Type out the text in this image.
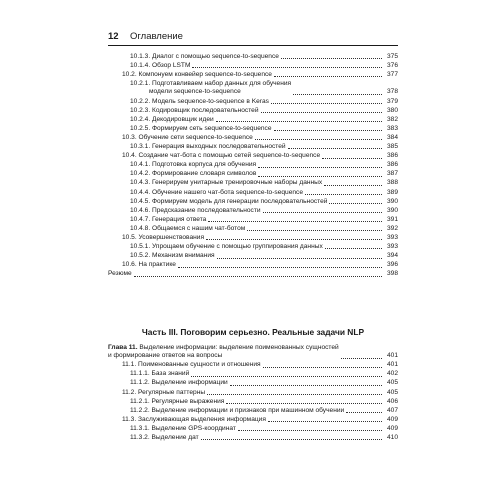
12 Оглавление
10.1.3. Диалог с помощью sequence-to-sequence	375
10.1.4. Обзор LSTM	376
10.2. Компонуем конвейер sequence-to-sequence	377
10.2.1. Подготавливаем набор данных для обучения
модели sequence-to-sequence	378
10.2.2. Модель sequence-to-sequence в Keras	379
10.2.3. Кодировщик последовательностей	380
10.2.4. Декодировщик идеи	382
10.2.5. Формируем сеть sequence-to-sequence	383
10.3. Обучение сети sequence-to-sequence	384
10.3.1. Генерация выходных последовательностей	385
10.4. Создание чат-бота с помощью сетей sequence-to-sequence	386
10.4.1. Подготовка корпуса для обучения	386
10.4.2. Формирование словаря символов	387
10.4.3. Генерируем унитарные тренировочные наборы данных	388
10.4.4. Обучение нашего чат-бота sequence-to-sequence	389
10.4.5. Формируем модель для генерации последовательностей	390
10.4.6. Предсказание последовательности	390
10.4.7. Генерация ответа	391
10.4.8. Общаемся с нашим чат-ботом	392
10.5. Усовершенствования	393
10.5.1. Упрощаем обучение с помощью группирования данных	393
10.5.2. Механизм внимания	394
10.6. На практике	396
Резюме	398
Часть III. Поговорим серьезно. Реальные задачи NLP
Глава 11. Выделение информации: выделение поименованных сущностей
и формирование ответов на вопросы	401
11.1. Поименованные сущности и отношения	401
11.1.1. База знаний	402
11.1.2. Выделение информации	405
11.2. Регулярные паттерны	405
11.2.1. Регулярные выражения	406
11.2.2. Выделение информации и признаков при машинном обучении	407
11.3. Заслуживающая выделения информация	409
11.3.1. Выделение GPS-координат	409
11.3.2. Выделение дат	410
